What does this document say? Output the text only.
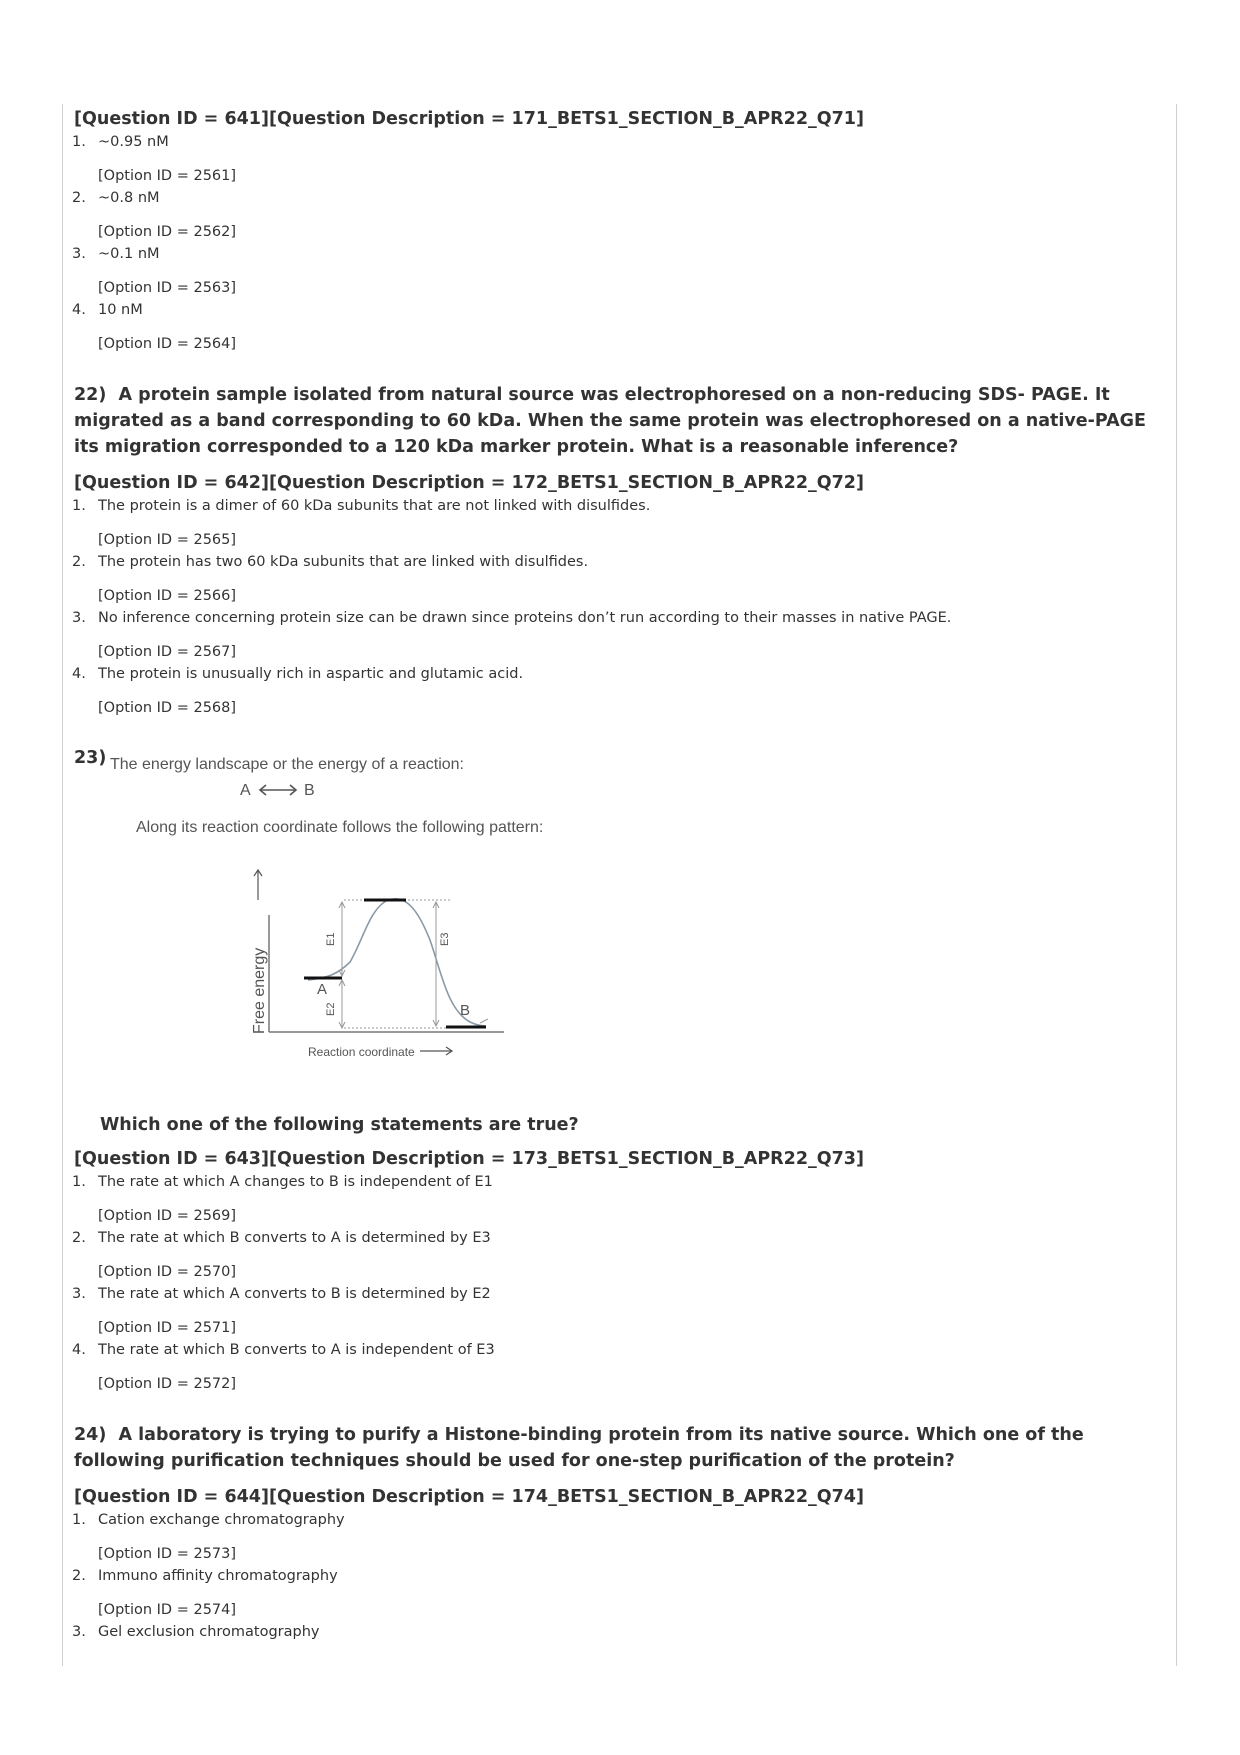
[Question ID = 641][Question Description = 171_BETS1_SECTION_B_APR22_Q71]

1. ~0.95 nM
[Option ID = 2561]
2. ~0.8 nM
[Option ID = 2562]
3. ~0.1 nM
[Option ID = 2563]
4. 10 nM
[Option ID = 2564]

22) A protein sample isolated from natural source was electrophoresed on a non-reducing SDS- PAGE. It migrated as a band corresponding to 60 kDa. When the same protein was electrophoresed on a native-PAGE its migration corresponded to a 120 kDa marker protein. What is a reasonable inference?

[Question ID = 642][Question Description = 172_BETS1_SECTION_B_APR22_Q72]

1. The protein is a dimer of 60 kDa subunits that are not linked with disulfides.
[Option ID = 2565]
2. The protein has two 60 kDa subunits that are linked with disulfides.
[Option ID = 2566]
3. No inference concerning protein size can be drawn since proteins don’t run according to their masses in native PAGE.
[Option ID = 2567]
4. The protein is unusually rich in aspartic and glutamic acid.
[Option ID = 2568]
23) The energy landscape or the energy of a reaction:
A	B
Along its reaction coordinate follows the following pattern:
Free energy
Reaction coordinate
A
B
E1
E2
E3

Which one of the following statements are true?

[Question ID = 643][Question Description = 173_BETS1_SECTION_B_APR22_Q73]

1. The rate at which A changes to B is independent of E1
[Option ID = 2569]
2. The rate at which B converts to A is determined by E3
[Option ID = 2570]
3. The rate at which A converts to B is determined by E2
[Option ID = 2571]
4. The rate at which B converts to A is independent of E3
[Option ID = 2572]

24) A laboratory is trying to purify a Histone-binding protein from its native source. Which one of the following purification techniques should be used for one-step purification of the protein?

[Question ID = 644][Question Description = 174_BETS1_SECTION_B_APR22_Q74]

1. Cation exchange chromatography
[Option ID = 2573]
2. Immuno affinity chromatography
[Option ID = 2574]
3. Gel exclusion chromatography
